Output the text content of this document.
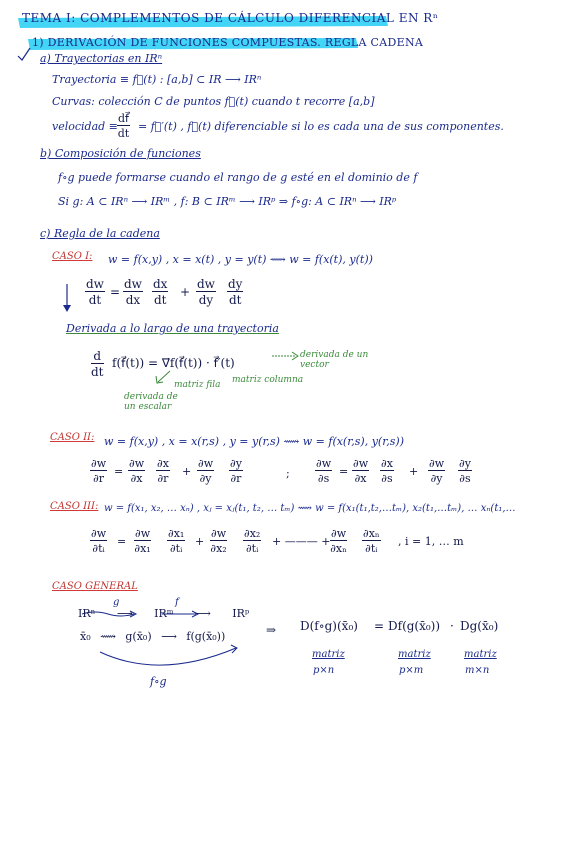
TEMA I: COMPLEMENTOS DE CÁLCULO DIFERENCIAL EN Rⁿ
1) DERIVACIÓN DE FUNCIONES COMPUESTAS. REGLA CADENA
a) Trayectorias en IRⁿ
Trayectoria ≡ f⃗(t) : [a,b] ⊂ IR ⟶ IRⁿ
Curvas: colección C de puntos f⃗(t) cuando t recorre [a,b]
velocidad ≡ $\frac{df⃗}{dt}$ = f⃗′(t) , f⃗(t) diferenciable si lo es cada una de sus componentes.
b) Composición de funciones
f∘g puede formarse cuando el rango de g esté en el dominio de f
Si g: A ⊂ IRⁿ ⟶ IRᵐ , f: B ⊂ IRᵐ ⟶ IRᵖ ⇒ f∘g: A ⊂ IRⁿ ⟶ IRᵖ
c) Regla de la cadena
CASO I: w = f(x,y) , x = x(t) , y = y(t) ⟿ w = f(x(t), y(t))
$\frac{dw}{dt} = \frac{dw}{dx} \frac{dx}{dt} + \frac{dw}{dy} \frac{dy}{dt}$
Derivada a lo largo de una trayectoria
$\frac{d}{dt}$ f(f⃗(t)) = ∇⃗f(f⃗(t)) · f⃗′(t)
derivada de un vector
matriz fila matriz columna
derivada de un escalar
CASO II: w = f(x,y) , x = x(r,s) , y = y(r,s) ⟿ w = f(x(r,s), y(r,s))
$\frac{\partial w}{\partial r} = \frac{\partial w}{\partial x} \frac{\partial x}{\partial r} + \frac{\partial w}{\partial y} \frac{\partial y}{\partial r}$	; $\frac{\partial w}{\partial s} = \frac{\partial w}{\partial x} \frac{\partial x}{\partial s} + \frac{\partial w}{\partial y} \frac{\partial y}{\partial s}$
CASO III: w = f(x₁, x₂, … xₙ) , xⱼ = xⱼ(t₁, t₂, … tₘ) ⟿ w = f(x₁(t₁,t₂,…tₘ), x₂(t₁,…tₘ), … xₙ(t₁,…
$\frac{\partial w}{\text{∂tᵢ}} = \frac{\partial w}{\text{∂x₁}} \frac{\text{∂x₁}}{\text{∂tᵢ}} + \frac{\partial w}{\text{∂x₂}} \frac{\text{∂x₂}}{\text{∂tᵢ}}$ + ——— + $\frac{\partial w}{\text{∂xₙ}} \frac{\text{∂xₙ}}{\text{∂tᵢ}}$ , i = 1, … m
CASO GENERAL
IRⁿ ⟶ IRᵐ ⟶ IRᵖ
g	f
x̄₀ ⟿ g(x̄₀) ⟶ f(g(x̄₀))
f∘g
⇒ D(f∘g)(x̄₀) = Df(g(x̄₀)) · Dg(x̄₀)
matriz
p×n
matriz
p×m
matriz
m×n
